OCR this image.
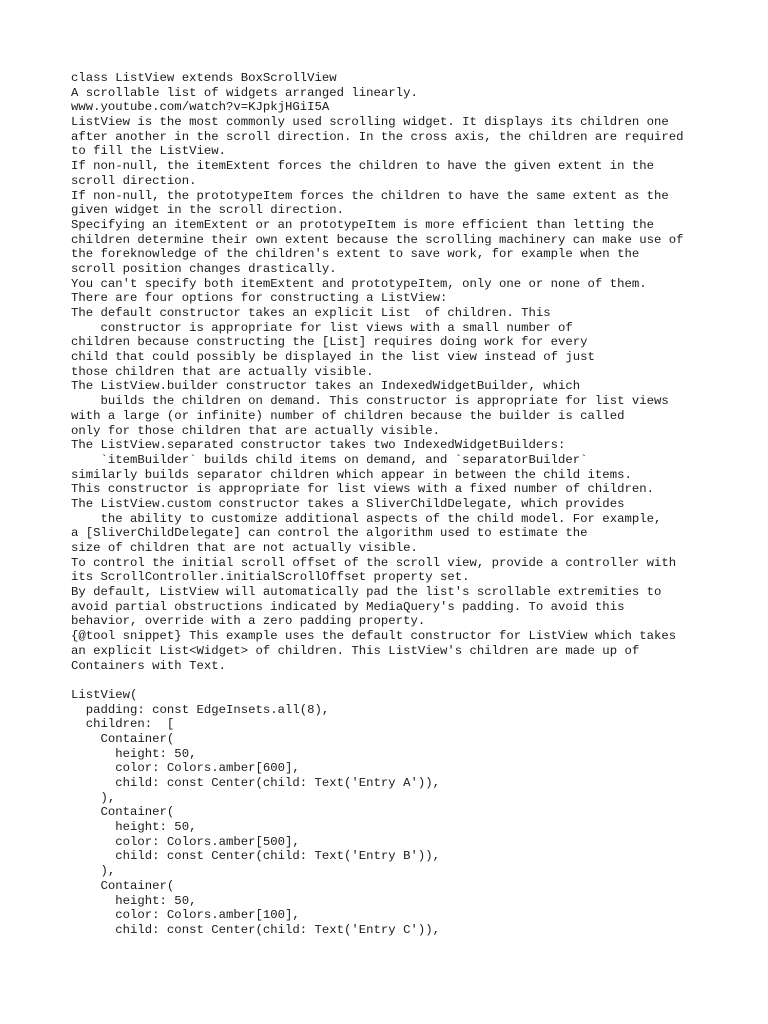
class ListView extends BoxScrollView
A scrollable list of widgets arranged linearly.
www.youtube.com/watch?v=KJpkjHGiI5A
ListView is the most commonly used scrolling widget. It displays its children one
after another in the scroll direction. In the cross axis, the children are required
to fill the ListView.
If non-null, the itemExtent forces the children to have the given extent in the
scroll direction.
If non-null, the prototypeItem forces the children to have the same extent as the
given widget in the scroll direction.
Specifying an itemExtent or an prototypeItem is more efficient than letting the
children determine their own extent because the scrolling machinery can make use of
the foreknowledge of the children's extent to save work, for example when the
scroll position changes drastically.
You can't specify both itemExtent and prototypeItem, only one or none of them.
There are four options for constructing a ListView:
The default constructor takes an explicit List  of children. This
constructor is appropriate for list views with a small number of
children because constructing the [List] requires doing work for every
child that could possibly be displayed in the list view instead of just
those children that are actually visible.
The ListView.builder constructor takes an IndexedWidgetBuilder, which
builds the children on demand. This constructor is appropriate for list views
with a large (or infinite) number of children because the builder is called
only for those children that are actually visible.
The ListView.separated constructor takes two IndexedWidgetBuilders:
`itemBuilder` builds child items on demand, and `separatorBuilder`
similarly builds separator children which appear in between the child items.
This constructor is appropriate for list views with a fixed number of children.
The ListView.custom constructor takes a SliverChildDelegate, which provides
the ability to customize additional aspects of the child model. For example,
a [SliverChildDelegate] can control the algorithm used to estimate the
size of children that are not actually visible.
To control the initial scroll offset of the scroll view, provide a controller with
its ScrollController.initialScrollOffset property set.
By default, ListView will automatically pad the list's scrollable extremities to
avoid partial obstructions indicated by MediaQuery's padding. To avoid this
behavior, override with a zero padding property.
{@tool snippet} This example uses the default constructor for ListView which takes
an explicit List<Widget> of children. This ListView's children are made up of
Containers with Text.
ListView(
padding: const EdgeInsets.all(8),
children:  [
Container(
height: 50,
color: Colors.amber[600],
child: const Center(child: Text('Entry A')),
),
Container(
height: 50,
color: Colors.amber[500],
child: const Center(child: Text('Entry B')),
),
Container(
height: 50,
color: Colors.amber[100],
child: const Center(child: Text('Entry C')),
